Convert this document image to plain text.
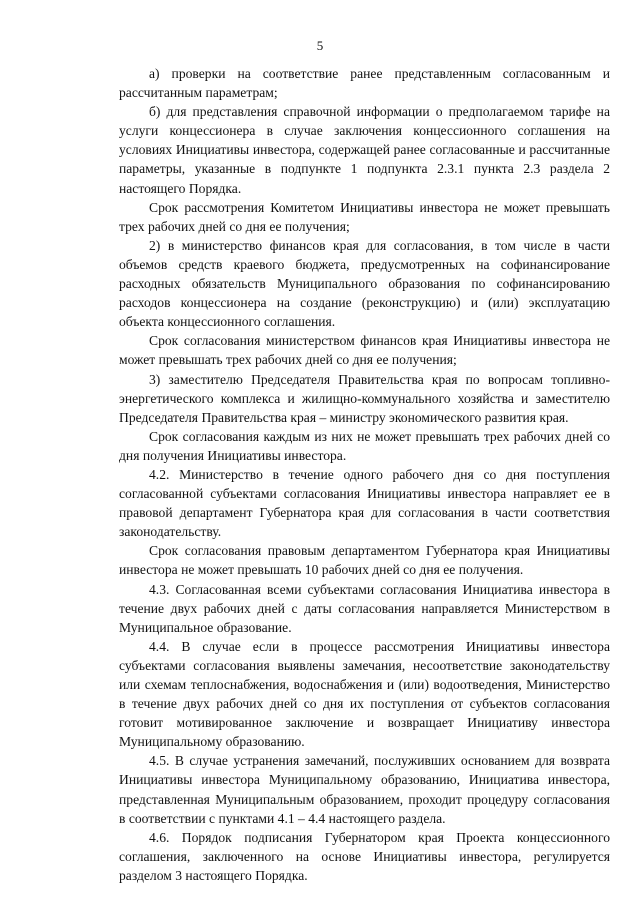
5

а) проверки на соответствие ранее представленным согласованным и рассчитанным параметрам;

б) для представления справочной информации о предполагаемом тарифе на услуги концессионера в случае заключения концессионного соглашения на условиях Инициативы инвестора, содержащей ранее согласованные и рассчитанные параметры, указанные в подпункте 1 подпункта 2.3.1 пункта 2.3 раздела 2 настоящего Порядка.

Срок рассмотрения Комитетом Инициативы инвестора не может превышать трех рабочих дней со дня ее получения;

2) в министерство финансов края для согласования, в том числе в части объемов средств краевого бюджета, предусмотренных на софинансирование расходных обязательств Муниципального образования по софинансированию расходов концессионера на создание (реконструкцию) и (или) эксплуатацию объекта концессионного соглашения.

Срок согласования министерством финансов края Инициативы инвестора не может превышать трех рабочих дней со дня ее получения;

3) заместителю Председателя Правительства края по вопросам топливно-энергетического комплекса и жилищно-коммунального хозяйства и заместителю Председателя Правительства края – министру экономического развития края.

Срок согласования каждым из них не может превышать трех рабочих дней со дня получения Инициативы инвестора.

4.2. Министерство в течение одного рабочего дня со дня поступления согласованной субъектами согласования Инициативы инвестора направляет ее в правовой департамент Губернатора края для согласования в части соответствия законодательству.

Срок согласования правовым департаментом Губернатора края Инициативы инвестора не может превышать 10 рабочих дней со дня ее получения.

4.3. Согласованная всеми субъектами согласования Инициатива инвестора в течение двух рабочих дней с даты согласования направляется Министерством в Муниципальное образование.

4.4. В случае если в процессе рассмотрения Инициативы инвестора субъектами согласования выявлены замечания, несоответствие законодательству или схемам теплоснабжения, водоснабжения и (или) водоотведения, Министерство в течение двух рабочих дней со дня их поступления от субъектов согласования готовит мотивированное заключение и возвращает Инициативу инвестора Муниципальному образованию.

4.5. В случае устранения замечаний, послуживших основанием для возврата Инициативы инвестора Муниципальному образованию, Инициатива инвестора, представленная Муниципальным образованием, проходит процедуру согласования в соответствии с пунктами 4.1 – 4.4 настоящего раздела.

4.6. Порядок подписания Губернатором края Проекта концессионного соглашения, заключенного на основе Инициативы инвестора, регулируется разделом 3 настоящего Порядка.
